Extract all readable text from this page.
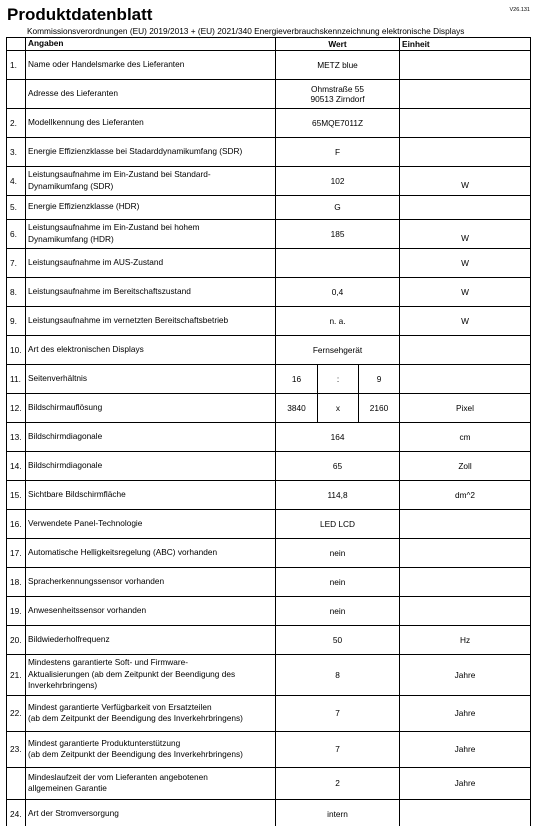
V26.131
Produktdatenblatt
Kommissionsverordnungen (EU) 2019/2013 + (EU) 2021/340 Energieverbrauchskennzeichnung elektronische Displays
	Angaben	Wert			Einheit
1.	Name oder Handelsmarke des Lieferanten	METZ blue			
	Adresse des Lieferanten	Ohmstraße 55
90513 Zirndorf			
2.	Modellkennung des Lieferanten	65MQE7011Z			
3.	Energie Effizienzklasse bei Stadarddynamikumfang (SDR)	F			
4.	Leistungsaufnahme im Ein-Zustand bei Standard-
Dynamikumfang (SDR)	102			W
5.	Energie Effizienzklasse (HDR)	G			
6.	Leistungsaufnahme im Ein-Zustand bei hohem
Dynamikumfang (HDR)	185			W
7.	Leistungsaufnahme im AUS-Zustand				W
8.	Leistungsaufnahme im Bereitschaftszustand	0,4			W
9.	Leistungsaufnahme im vernetzten Bereitschaftsbetrieb	n. a.			W
10.	Art des elektronischen Displays	Fernsehgerät			
11.	Seitenverhältnis	16	:	9	
12.	Bildschirmauflösung	3840	x	2160	Pixel
13.	Bildschirmdiagonale	164			cm
14.	Bildschirmdiagonale	65			Zoll
15.	Sichtbare Bildschirmfläche	114,8			dm^2
16.	Verwendete Panel-Technologie	LED LCD			
17.	Automatische Helligkeitsregelung (ABC) vorhanden	nein			
18.	Spracherkennungssensor vorhanden	nein			
19.	Anwesenheitssensor vorhanden	nein			
20.	Bildwiederholfrequenz	50			Hz
21.	Mindestens garantierte Soft- und Firmware-
Aktualisierungen (ab dem Zeitpunkt der Beendigung des
Inverkehrbringens)	8			Jahre
22.	Mindest garantierte Verfügbarkeit von Ersatzteilen
(ab dem Zeitpunkt der Beendigung des Inverkehrbringens)	7			Jahre
23.	Mindest garantierte Produktunterstützung
(ab dem Zeitpunkt der Beendigung des Inverkehrbringens)	7			Jahre
	Mindeslaufzeit der vom Lieferanten angebotenen
allgemeinen Garantie	2			Jahre
24.	Art der Stromversorgung	intern			
